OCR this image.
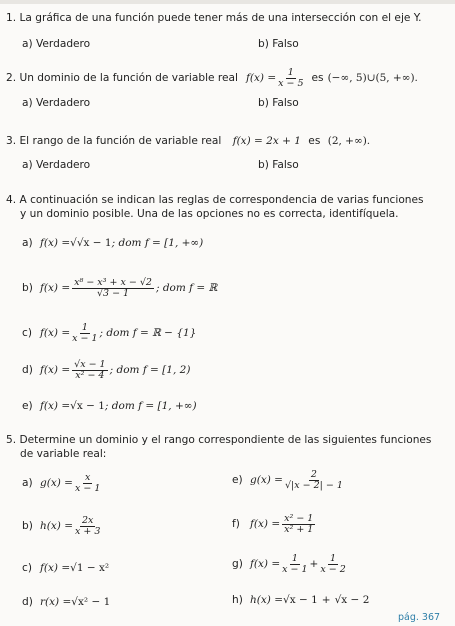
1. La gráfica de una función puede tener más de una intersección con el eje Y.
a) Verdadero	b) Falso
2. Un dominio de la función de variable real $f(x) = \frac{1}{x - 5}$ es (−∞, 5)∪(5, +∞).
a) Verdadero	b) Falso
3. El rango de la función de variable real f(x) = 2x + 1 es (2, +∞).
a) Verdadero	b) Falso
4. A continuación se indican las reglas de correspondencia de varias funciones
y un dominio posible. Una de las opciones no es correcta, identifíquela.
a) f(x) = √√x − 1 ; dom f = [1, +∞)
b) $f(x) = \frac{\text{x⁸ − x³ + x − √2}}{√3 - 1}$ ; dom f = ℝ
c) $f(x) = \frac{1}{x - 1}$ ; dom f = ℝ − {1}
d) $f(x) = \frac{√x - 1}{\text{x² − 4}}$ ; dom f = [1, 2)
e) f(x) = √x − 1 ; dom f = [1, +∞)
5. Determine un dominio y el rango correspondiente de las siguientes funciones
de variable real:
a) $g(x) = \frac{x}{x - 1}$
b) $h(x) = \frac{2x}{x + 3}$
c) f(x) = √1 − x²
d) r(x) = √x² − 1
e) $g(x) = \frac{2}{√|x - 2| - 1}$
f) $f(x) = \frac{\text{x² − 1}}{\text{x² + 1}}$
g) $f(x) = \frac{1}{x - 1} + \frac{1}{x - 2}$
h) h(x) = √x − 1 + √x − 2
pág. 367
